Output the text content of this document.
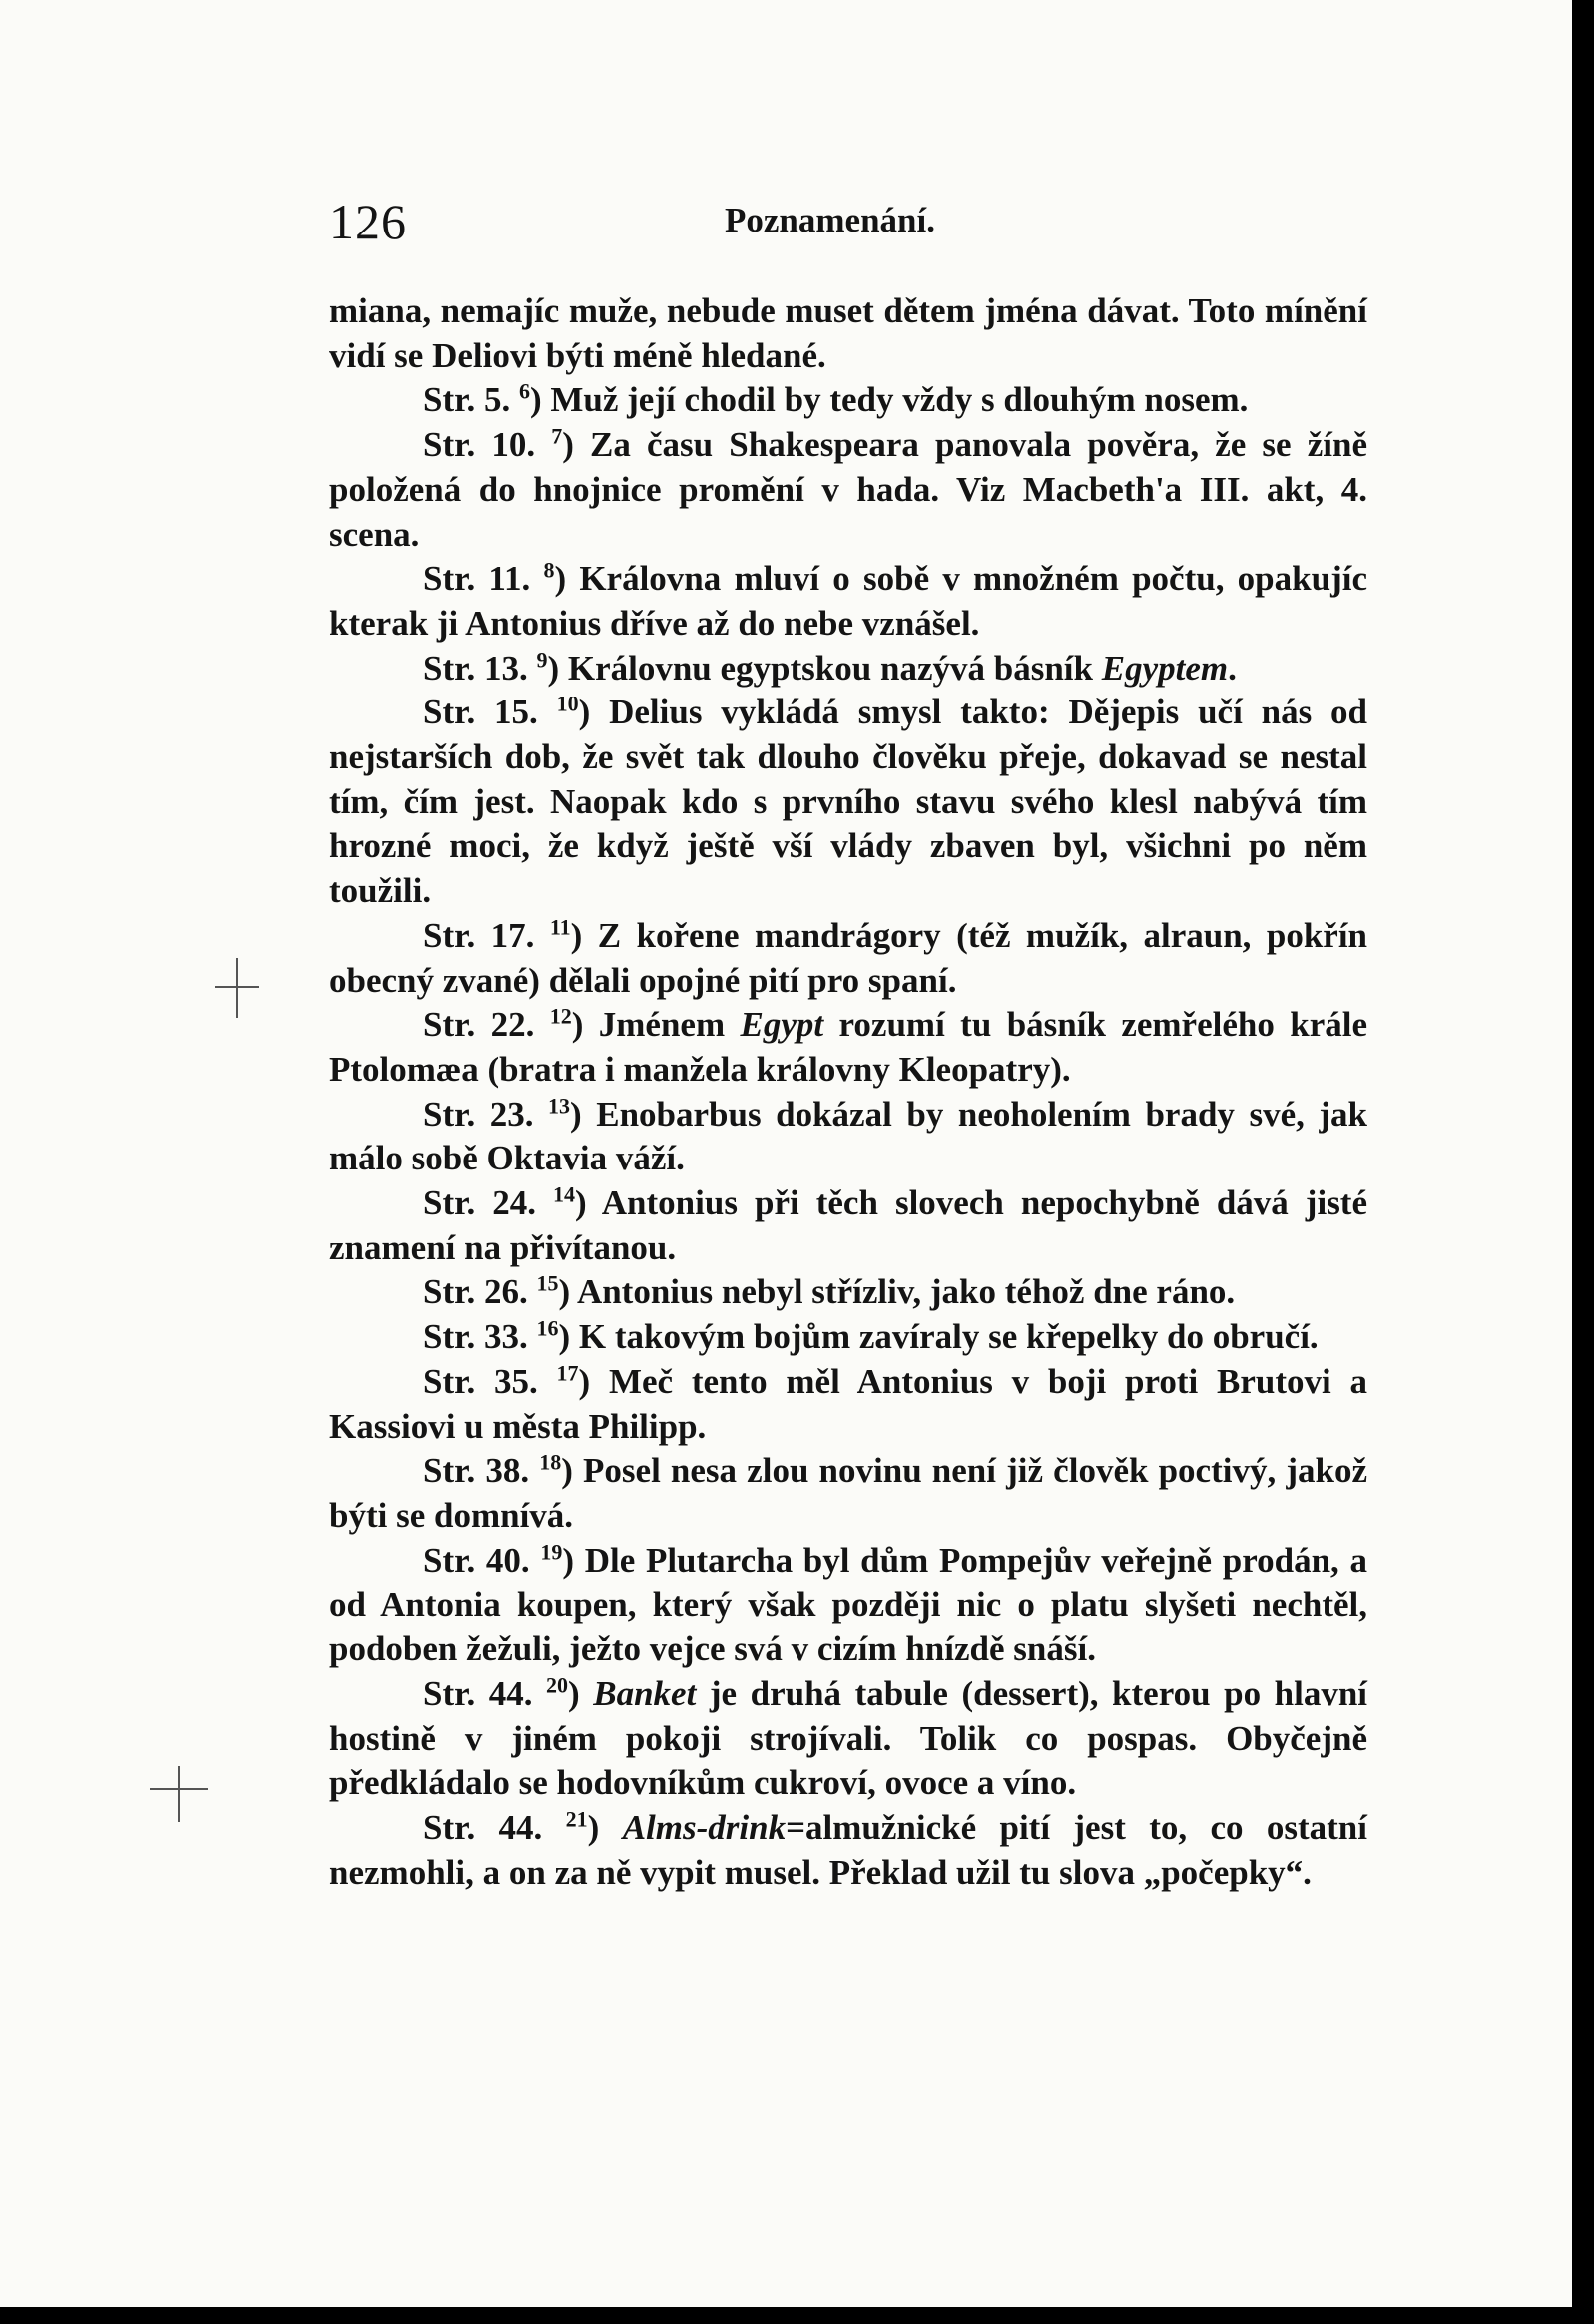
126	Poznamenání.

miana, nemajíc muže, nebude muset dětem jména dávat. Toto mínění vidí se Deliovi býti méně hledané.

Str. 5. $^6$) Muž její chodil by tedy vždy s dlouhým nosem.

Str. 10. $^7$) Za času Shakespeara panovala pověra, že se žíně položená do hnojnice promění v hada. Viz Macbeth'a III. akt, 4. scena.

Str. 11. $^8$) Královna mluví o sobě v množném počtu, opakujíc kterak ji Antonius dříve až do nebe vznášel.

Str. 13. $^9$) Královnu egyptskou nazývá básník Egyptem.

Str. 15. $^{10}$) Delius vykládá smysl takto: Dějepis učí nás od nejstarších dob, že svět tak dlouho člověku přeje, dokavad se nestal tím, čím jest. Naopak kdo s prvního stavu svého klesl nabývá tím hrozné moci, že když ještě vší vlády zbaven byl, všichni po něm toužili.

Str. 17. $^{11}$) Z kořene mandrágory (též mužík, alraun, pokřín obecný zvané) dělali opojné pití pro spaní.

Str. 22. $^{12}$) Jménem Egypt rozumí tu básník zemřelého krále Ptolomæa (bratra i manžela královny Kleopatry).

Str. 23. $^{13}$) Enobarbus dokázal by neoholením brady své, jak málo sobě Oktavia váží.

Str. 24. $^{14}$) Antonius při těch slovech nepochybně dává jisté znamení na přivítanou.

Str. 26. $^{15}$) Antonius nebyl střízliv, jako téhož dne ráno.

Str. 33. $^{16}$) K takovým bojům zavíraly se křepelky do obručí.

Str. 35. $^{17}$) Meč tento měl Antonius v boji proti Brutovi a Kassiovi u města Philipp.

Str. 38. $^{18}$) Posel nesa zlou novinu není již člověk poctivý, jakož býti se domnívá.

Str. 40. $^{19}$) Dle Plutarcha byl dům Pompejův veřejně prodán, a od Antonia koupen, který však později nic o platu slyšeti nechtěl, podoben žežuli, ježto vejce svá v cizím hnízdě snáší.

Str. 44. $^{20}$) Banket je druhá tabule (dessert), kterou po hlavní hostině v jiném pokoji strojívali. Tolik co pospas. Obyčejně předkládalo se hodovníkům cukroví, ovoce a víno.

Str. 44. $^{21}$) Alms-drink=almužnické pití jest to, co ostatní nezmohli, a on za ně vypit musel. Překlad užil tu slova „počepky“.
